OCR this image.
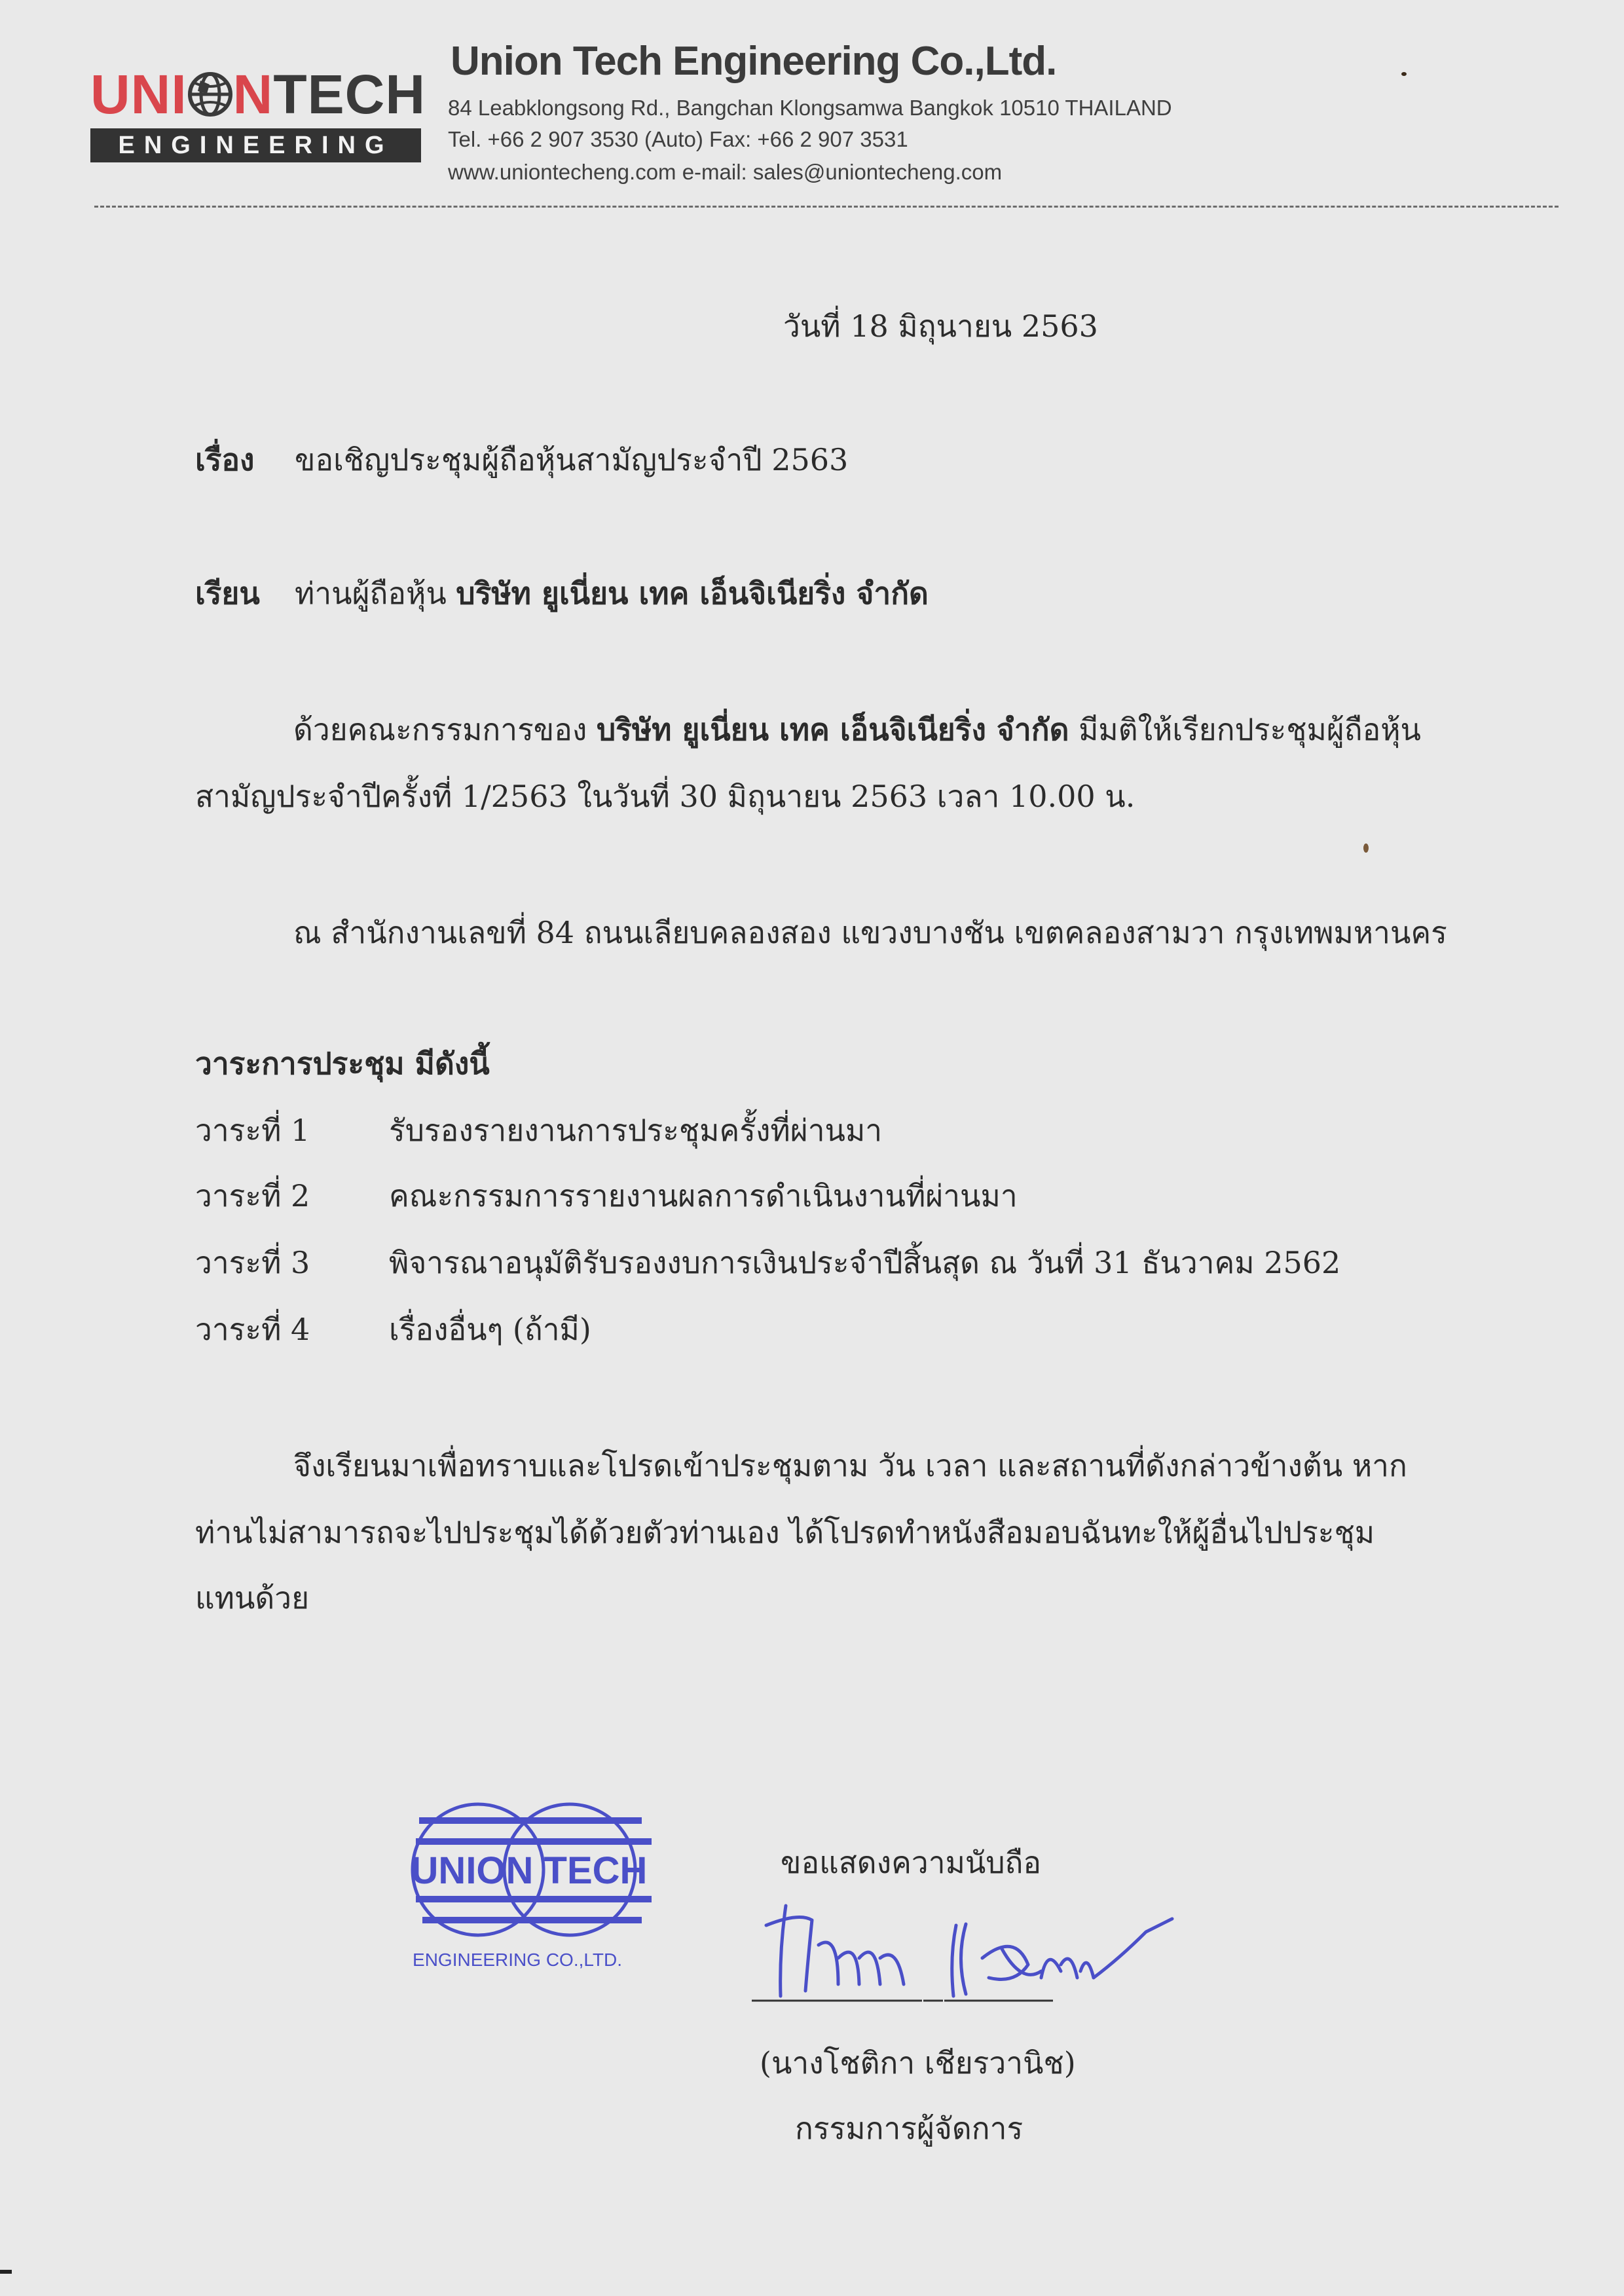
UNI NTECH
ENGINEERING
Union Tech Engineering Co.,Ltd.
84 Leabklongsong Rd., Bangchan Klongsamwa Bangkok 10510 THAILAND
Tel. +66 2 907 3530 (Auto) Fax: +66 2 907 3531
www.uniontecheng.com e-mail: sales@uniontecheng.com
วันที่ 18 มิถุนายน 2563
เรื่อง ขอเชิญประชุมผู้ถือหุ้นสามัญประจำปี 2563
เรียน ท่านผู้ถือหุ้น บริษัท ยูเนี่ยน เทค เอ็นจิเนียริ่ง จำกัด
ด้วยคณะกรรมการของ บริษัท ยูเนี่ยน เทค เอ็นจิเนียริ่ง จำกัด มีมติให้เรียกประชุมผู้ถือหุ้น
สามัญประจำปีครั้งที่ 1/2563 ในวันที่ 30 มิถุนายน 2563 เวลา 10.00 น.
ณ สำนักงานเลขที่ 84 ถนนเลียบคลองสอง แขวงบางชัน เขตคลองสามวา กรุงเทพมหานคร
วาระการประชุม มีดังนี้
วาระที่ 1	รับรองรายงานการประชุมครั้งที่ผ่านมา
วาระที่ 2	คณะกรรมการรายงานผลการดำเนินงานที่ผ่านมา
วาระที่ 3	พิจารณาอนุมัติรับรองงบการเงินประจำปีสิ้นสุด ณ วันที่ 31 ธันวาคม 2562
วาระที่ 4	เรื่องอื่นๆ (ถ้ามี)
จึงเรียนมาเพื่อทราบและโปรดเข้าประชุมตาม วัน เวลา และสถานที่ดังกล่าวข้างต้น หาก
ท่านไม่สามารถจะไปประชุมได้ด้วยตัวท่านเอง ได้โปรดทำหนังสือมอบฉันทะให้ผู้อื่นไปประชุม
แทนด้วย
ขอแสดงความนับถือ
UNION TECH
ENGINEERING CO.,LTD.
(นางโชติกา เชียรวานิช)
กรรมการผู้จัดการ
